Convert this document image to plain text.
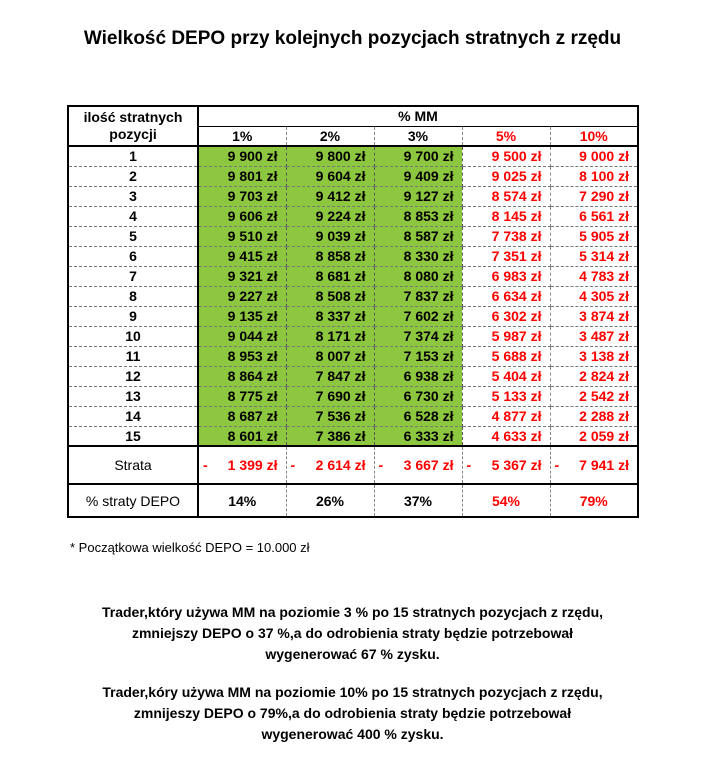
Wielkość DEPO przy kolejnych pozycjach stratnych z rzędu
ilość stratnych
pozycji	% MM				
	1%	2%	3%	5%	10%
1	9 900 zł	9 800 zł	9 700 zł	9 500 zł	9 000 zł
2	9 801 zł	9 604 zł	9 409 zł	9 025 zł	8 100 zł
3	9 703 zł	9 412 zł	9 127 zł	8 574 zł	7 290 zł
4	9 606 zł	9 224 zł	8 853 zł	8 145 zł	6 561 zł
5	9 510 zł	9 039 zł	8 587 zł	7 738 zł	5 905 zł
6	9 415 zł	8 858 zł	8 330 zł	7 351 zł	5 314 zł
7	9 321 zł	8 681 zł	8 080 zł	6 983 zł	4 783 zł
8	9 227 zł	8 508 zł	7 837 zł	6 634 zł	4 305 zł
9	9 135 zł	8 337 zł	7 602 zł	6 302 zł	3 874 zł
10	9 044 zł	8 171 zł	7 374 zł	5 987 zł	3 487 zł
11	8 953 zł	8 007 zł	7 153 zł	5 688 zł	3 138 zł
12	8 864 zł	7 847 zł	6 938 zł	5 404 zł	2 824 zł
13	8 775 zł	7 690 zł	6 730 zł	5 133 zł	2 542 zł
14	8 687 zł	7 536 zł	6 528 zł	4 877 zł	2 288 zł
15	8 601 zł	7 386 zł	6 333 zł	4 633 zł	2 059 zł
Strata	- 1 399 zł	- 2 614 zł	- 3 667 zł	- 5 367 zł	- 7 941 zł

% straty DEPO	14%	26%	37%	54%	79%
* Początkowa wielkość DEPO = 10.000 zł
Trader,który używa MM na poziomie 3 % po 15 stratnych pozycjach z rzędu,
zmniejszy DEPO o 37 %,a do odrobienia straty będzie potrzebował
wygenerować 67 % zysku.
Trader,kóry używa MM na poziomie 10% po 15 stratnych pozycjach z rzędu,
zmnijeszy DEPO o 79%,a do odrobienia straty będzie potrzebował
wygenerować 400 % zysku.
